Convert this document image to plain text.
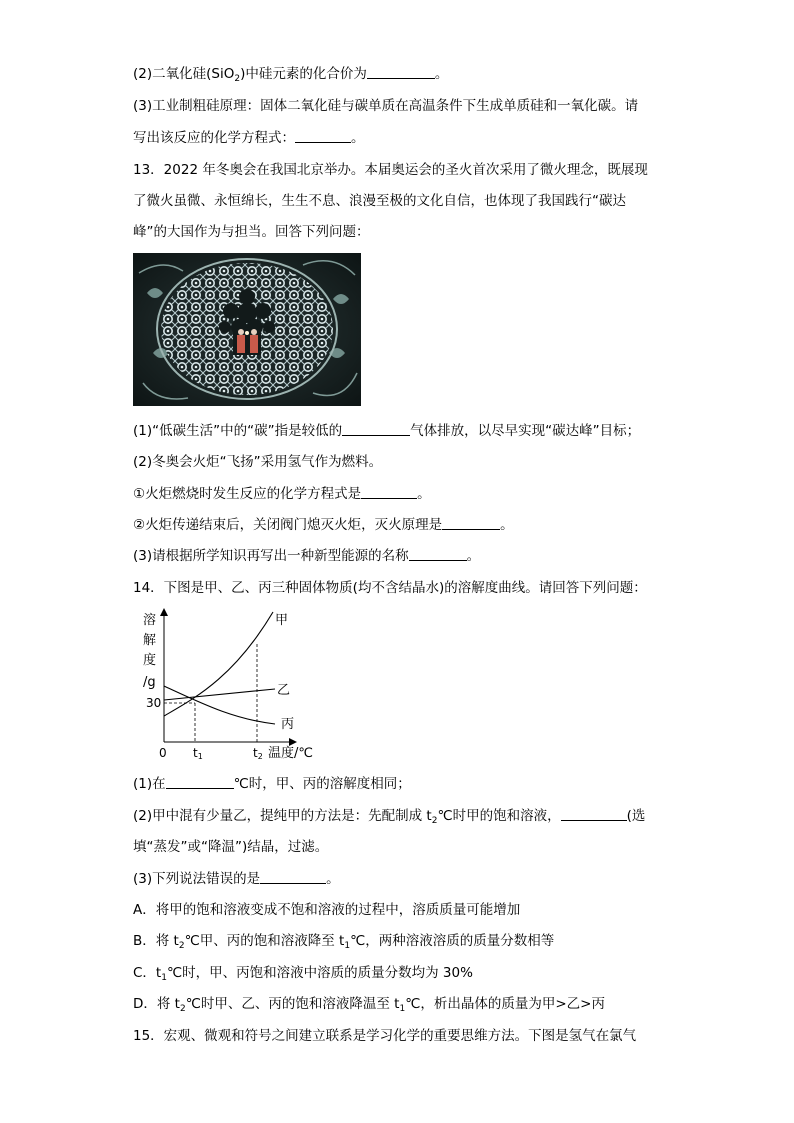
(2)二氧化硅(SiO$_2$)中硅元素的化合价为	。
(3)工业制粗硅原理：固体二氧化硅与碳单质在高温条件下生成单质硅和一氧化碳。请
写出该反应的化学方程式：	。
13．2022 年冬奥会在我国北京举办。本届奥运会的圣火首次采用了微火理念，既展现
了微火虽微、永恒绵长，生生不息、浪漫至极的文化自信，也体现了我国践行“碳达
峰”的大国作为与担当。回答下列问题：
(1)“低碳生活”中的“碳”指是较低的	气体排放，以尽早实现“碳达峰”目标；
(2)冬奥会火炬“飞扬”采用氢气作为燃料。
①火炬燃烧时发生反应的化学方程式是	。
②火炬传递结束后，关闭阀门熄灭火炬，灭火原理是	。
(3)请根据所学知识再写出一种新型能源的名称	。
14．下图是甲、乙、丙三种固体物质(均不含结晶水)的溶解度曲线。请回答下列问题：
溶
解
度
/g
甲
乙
丙
30
0 t1	t2 温度/℃
(1)在	℃时，甲、丙的溶解度相同；
(2)甲中混有少量乙，提纯甲的方法是：先配制成 $t_2℃$时甲的饱和溶液，	(选
填“蒸发”或“降温”)结晶，过滤。
(3)下列说法错误的是	。
A．将甲的饱和溶液变成不饱和溶液的过程中，溶质质量可能增加
B．将 $t_2℃$甲、丙的饱和溶液降至 $t_1℃$，两种溶液溶质的质量分数相等
C．$t_1℃$时，甲、丙饱和溶液中溶质的质量分数均为 30%
D．将 $t_2℃$时甲、乙、丙的饱和溶液降温至 $t_1℃$，析出晶体的质量为甲>乙>丙
15．宏观、微观和符号之间建立联系是学习化学的重要思维方法。下图是氢气在氯气
